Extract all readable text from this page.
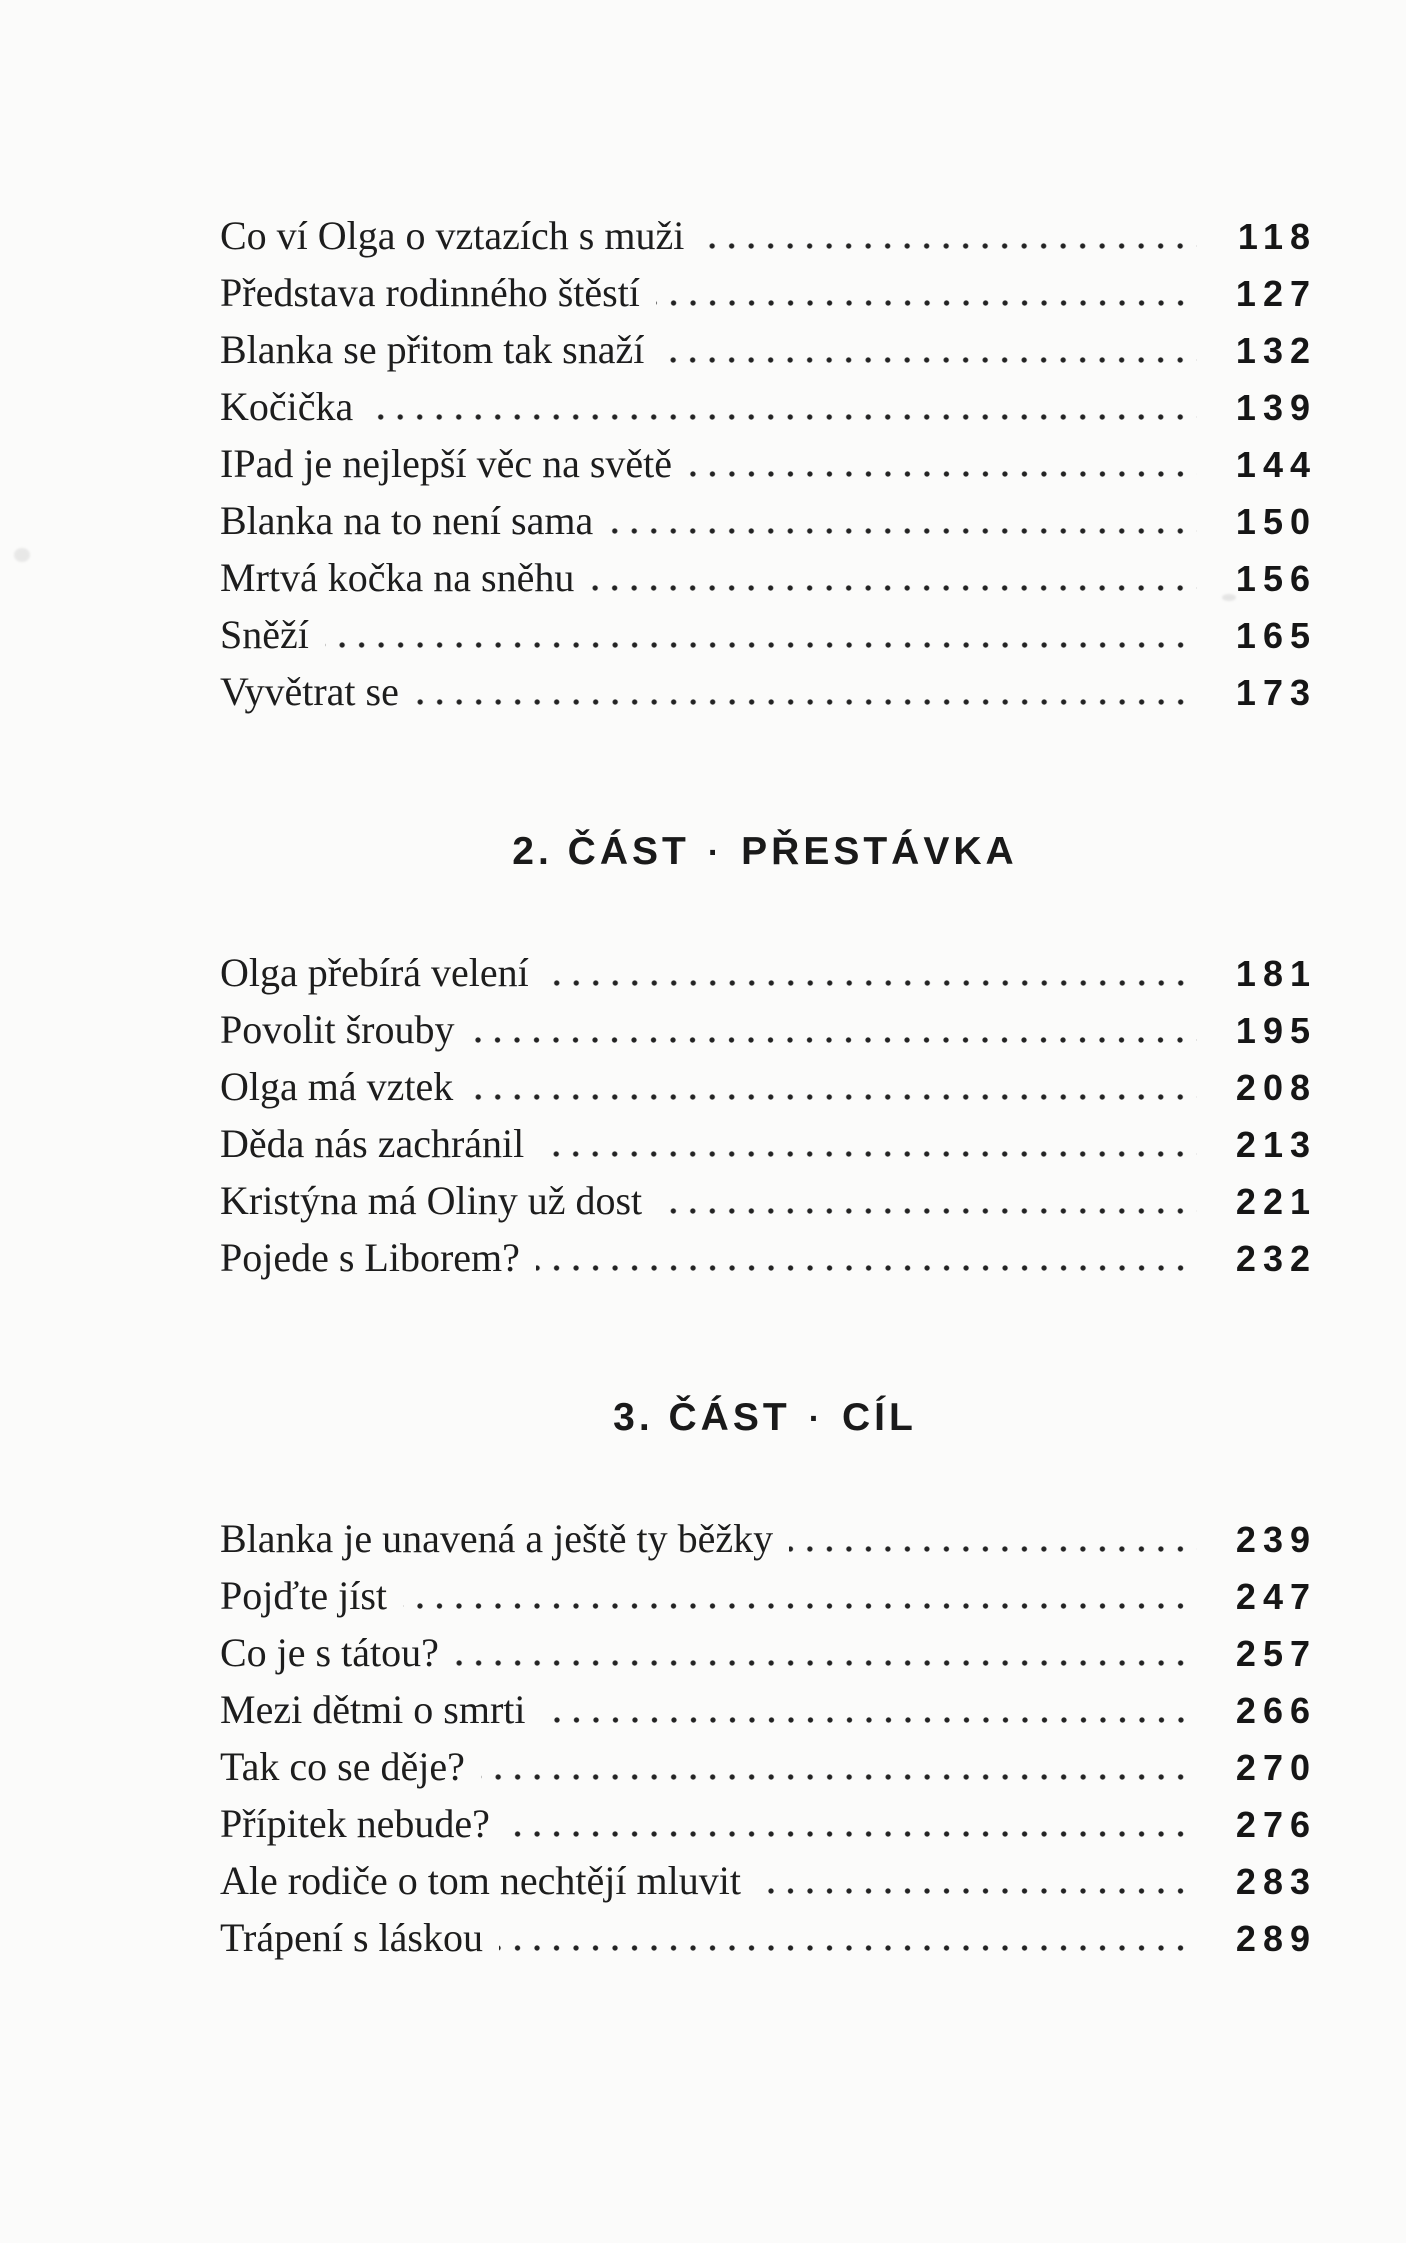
Co ví Olga o vztazích s muži	118
Představa rodinného štěstí	127
Blanka se přitom tak snaží	132
Kočička	139
IPad je nejlepší věc na světě	144
Blanka na to není sama	150
Mrtvá kočka na sněhu	156
Sněží	165
Vyvětrat se	173
2. ČÁST · PŘESTÁVKA
Olga přebírá velení	181
Povolit šrouby	195
Olga má vztek	208
Děda nás zachránil	213
Kristýna má Oliny už dost	221
Pojede s Liborem?	232
3. ČÁST · CÍL
Blanka je unavená a ještě ty běžky	239
Pojďte jíst	247
Co je s tátou?	257
Mezi dětmi o smrti	266
Tak co se děje?	270
Přípitek nebude?	276
Ale rodiče o tom nechtějí mluvit	283
Trápení s láskou	289
